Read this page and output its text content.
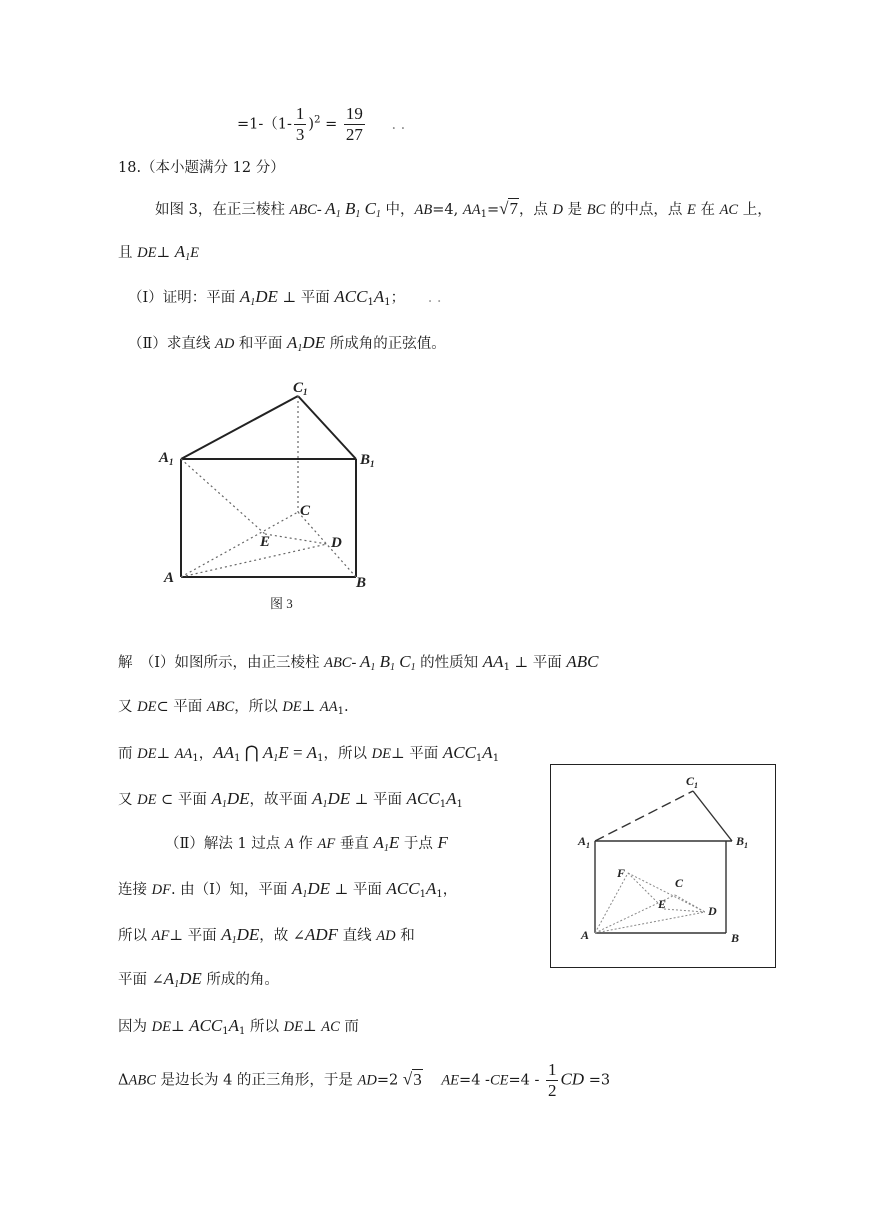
$=1-(1- \frac{1}{3} )^2 = \frac{19}{27}$ . .
18.（本小题满分 12 分）
如图 3，在正三棱柱 ABC- $A_1$ $B_1$ $C_1$ 中，AB=4, $AA_1=√7$，点 D 是 BC 的中点，点 E 在 AC 上，
且 DE⊥ $A_1E$
（Ⅰ）证明：平面 $A_1DE$ ⊥ 平面 $ACC_1A_1$； . .
（Ⅱ）求直线 AD 和平面 $A_1DE$ 所成角的正弦值。
$C_1$
$A_1$	$B_1$
C
E	D
A	B
图 3
解　（Ⅰ）如图所示，由正三棱柱 ABC- $A_1$ $B_1$ $C_1$ 的性质知 $AA_1$ ⊥ 平面 ABC
又 DE⊂ 平面 ABC，所以 DE⊥ $AA_1$.
而 DE⊥ $AA_1$，$AA_1$ ⋂ $A_1E = A_1$，所以 DE⊥ 平面 $ACC_1A_1$
又 DE ⊂ 平面 $A_1DE$，故平面 $A_1DE$ ⊥ 平面 $ACC_1A_1$
（Ⅱ）解法 1 过点 A 作 AF 垂直 $A_1E$ 于点 F
连接 DF. 由（Ⅰ）知，平面 $A_1DE$ ⊥ 平面 $ACC_1A_1$，
所以 AF⊥ 平面 $A_1DE$，故 ∠ADF 直线 AD 和
平面 $\angle A_1DE$ 所成的角。
因为 DE⊥ $ACC_1A_1$ 所以 DE⊥ AC 而
ΔABC 是边长为 4 的正三角形，于是 AD=2 √3 AE=4 $-CE=4 - \frac{1}{2}$ CD =3
$C_1$
$A_1$	$B_1$
F
C
E	D
A	B
